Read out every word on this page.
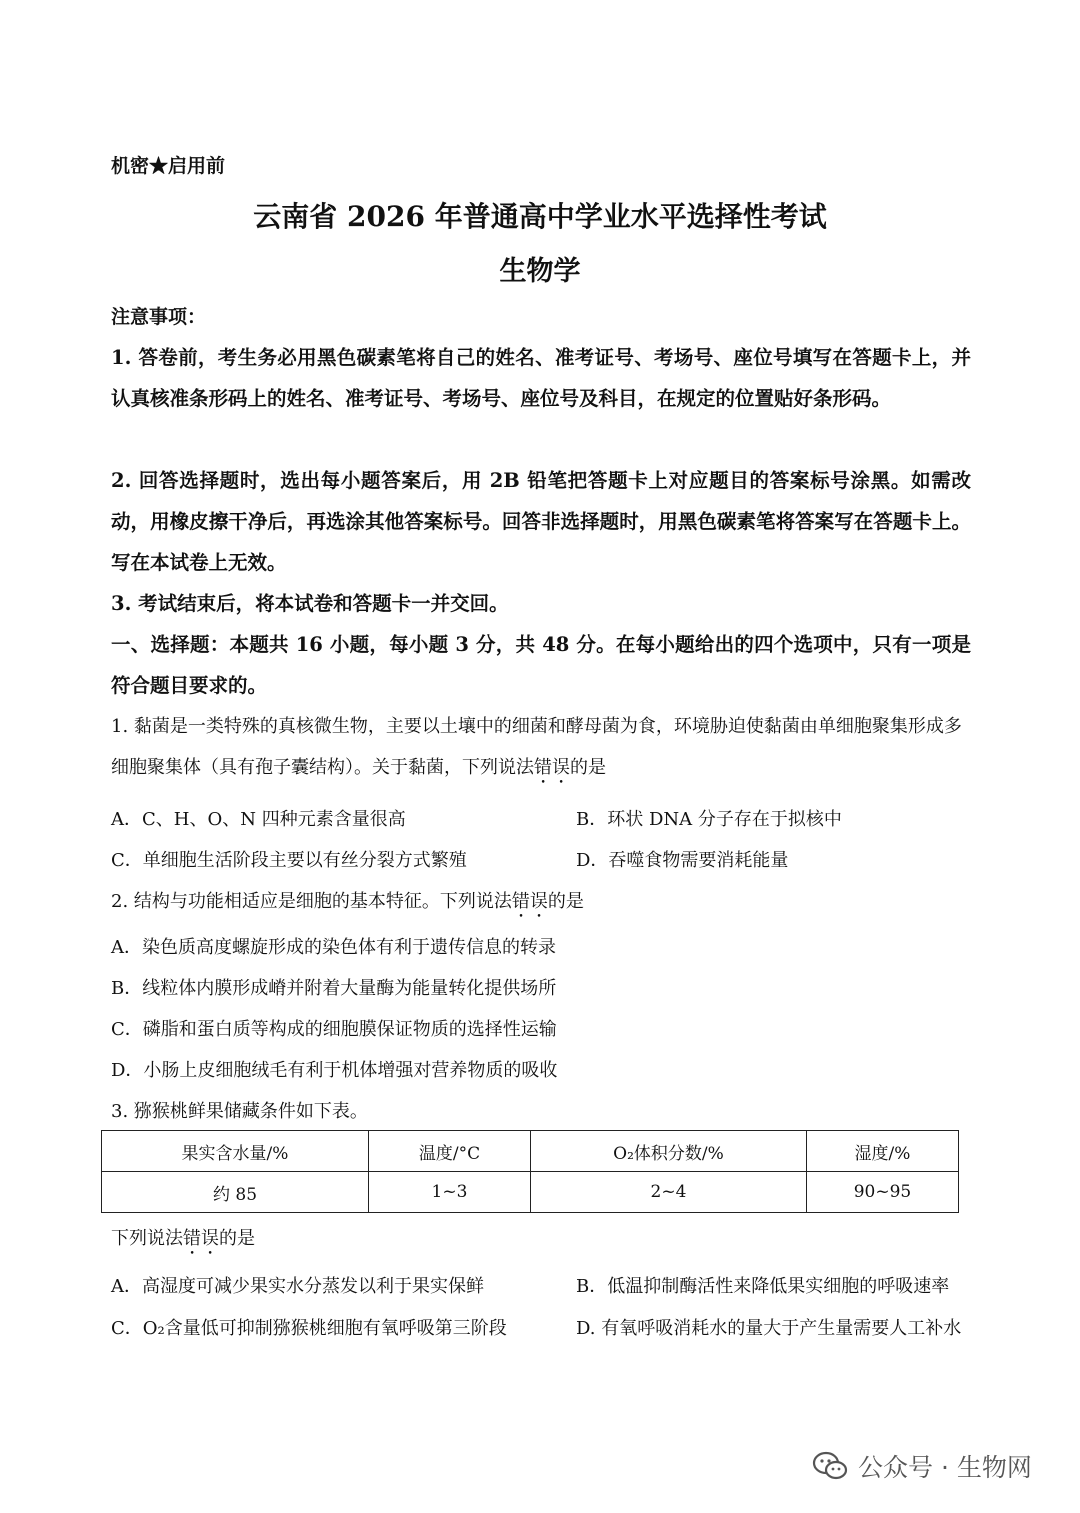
机密★启用前
云南省 2026 年普通高中学业水平选择性考试
生物学
注意事项：
1. 答卷前，考生务必用黑色碳素笔将自己的姓名、准考证号、考场号、座位号填写在答题卡上，并认真核准条形码上的姓名、准考证号、考场号、座位号及科目，在规定的位置贴好条形码。
2. 回答选择题时，选出每小题答案后，用 2B 铅笔把答题卡上对应题目的答案标号涂黑。如需改动，用橡皮擦干净后，再选涂其他答案标号。回答非选择题时，用黑色碳素笔将答案写在答题卡上。写在本试卷上无效。
3. 考试结束后，将本试卷和答题卡一并交回。
一、选择题：本题共 16 小题，每小题 3 分，共 48 分。在每小题给出的四个选项中，只有一项是符合题目要求的。
1. 黏菌是一类特殊的真核微生物，主要以土壤中的细菌和酵母菌为食，环境胁迫使黏菌由单细胞聚集形成多细胞聚集体（具有孢子囊结构）。关于黏菌，下列说法错误的是
A．C、H、O、N 四种元素含量很高	B．环状 DNA 分子存在于拟核中
C．单细胞生活阶段主要以有丝分裂方式繁殖	D．吞噬食物需要消耗能量
2. 结构与功能相适应是细胞的基本特征。下列说法错误的是
A．染色质高度螺旋形成的染色体有利于遗传信息的转录
B．线粒体内膜形成嵴并附着大量酶为能量转化提供场所
C．磷脂和蛋白质等构成的细胞膜保证物质的选择性运输
D．小肠上皮细胞绒毛有利于机体增强对营养物质的吸收
3. 猕猴桃鲜果储藏条件如下表。
果实含水量/%	温度/°C	O₂体积分数/%	湿度/%
约 85	1~3	2~4	90~95
下列说法错误的是
A．高湿度可减少果实水分蒸发以利于果实保鲜	B．低温抑制酶活性来降低果实细胞的呼吸速率
C．O₂含量低可抑制猕猴桃细胞有氧呼吸第三阶段	D. 有氧呼吸消耗水的量大于产生量需要人工补水
公众号 · 生物网
